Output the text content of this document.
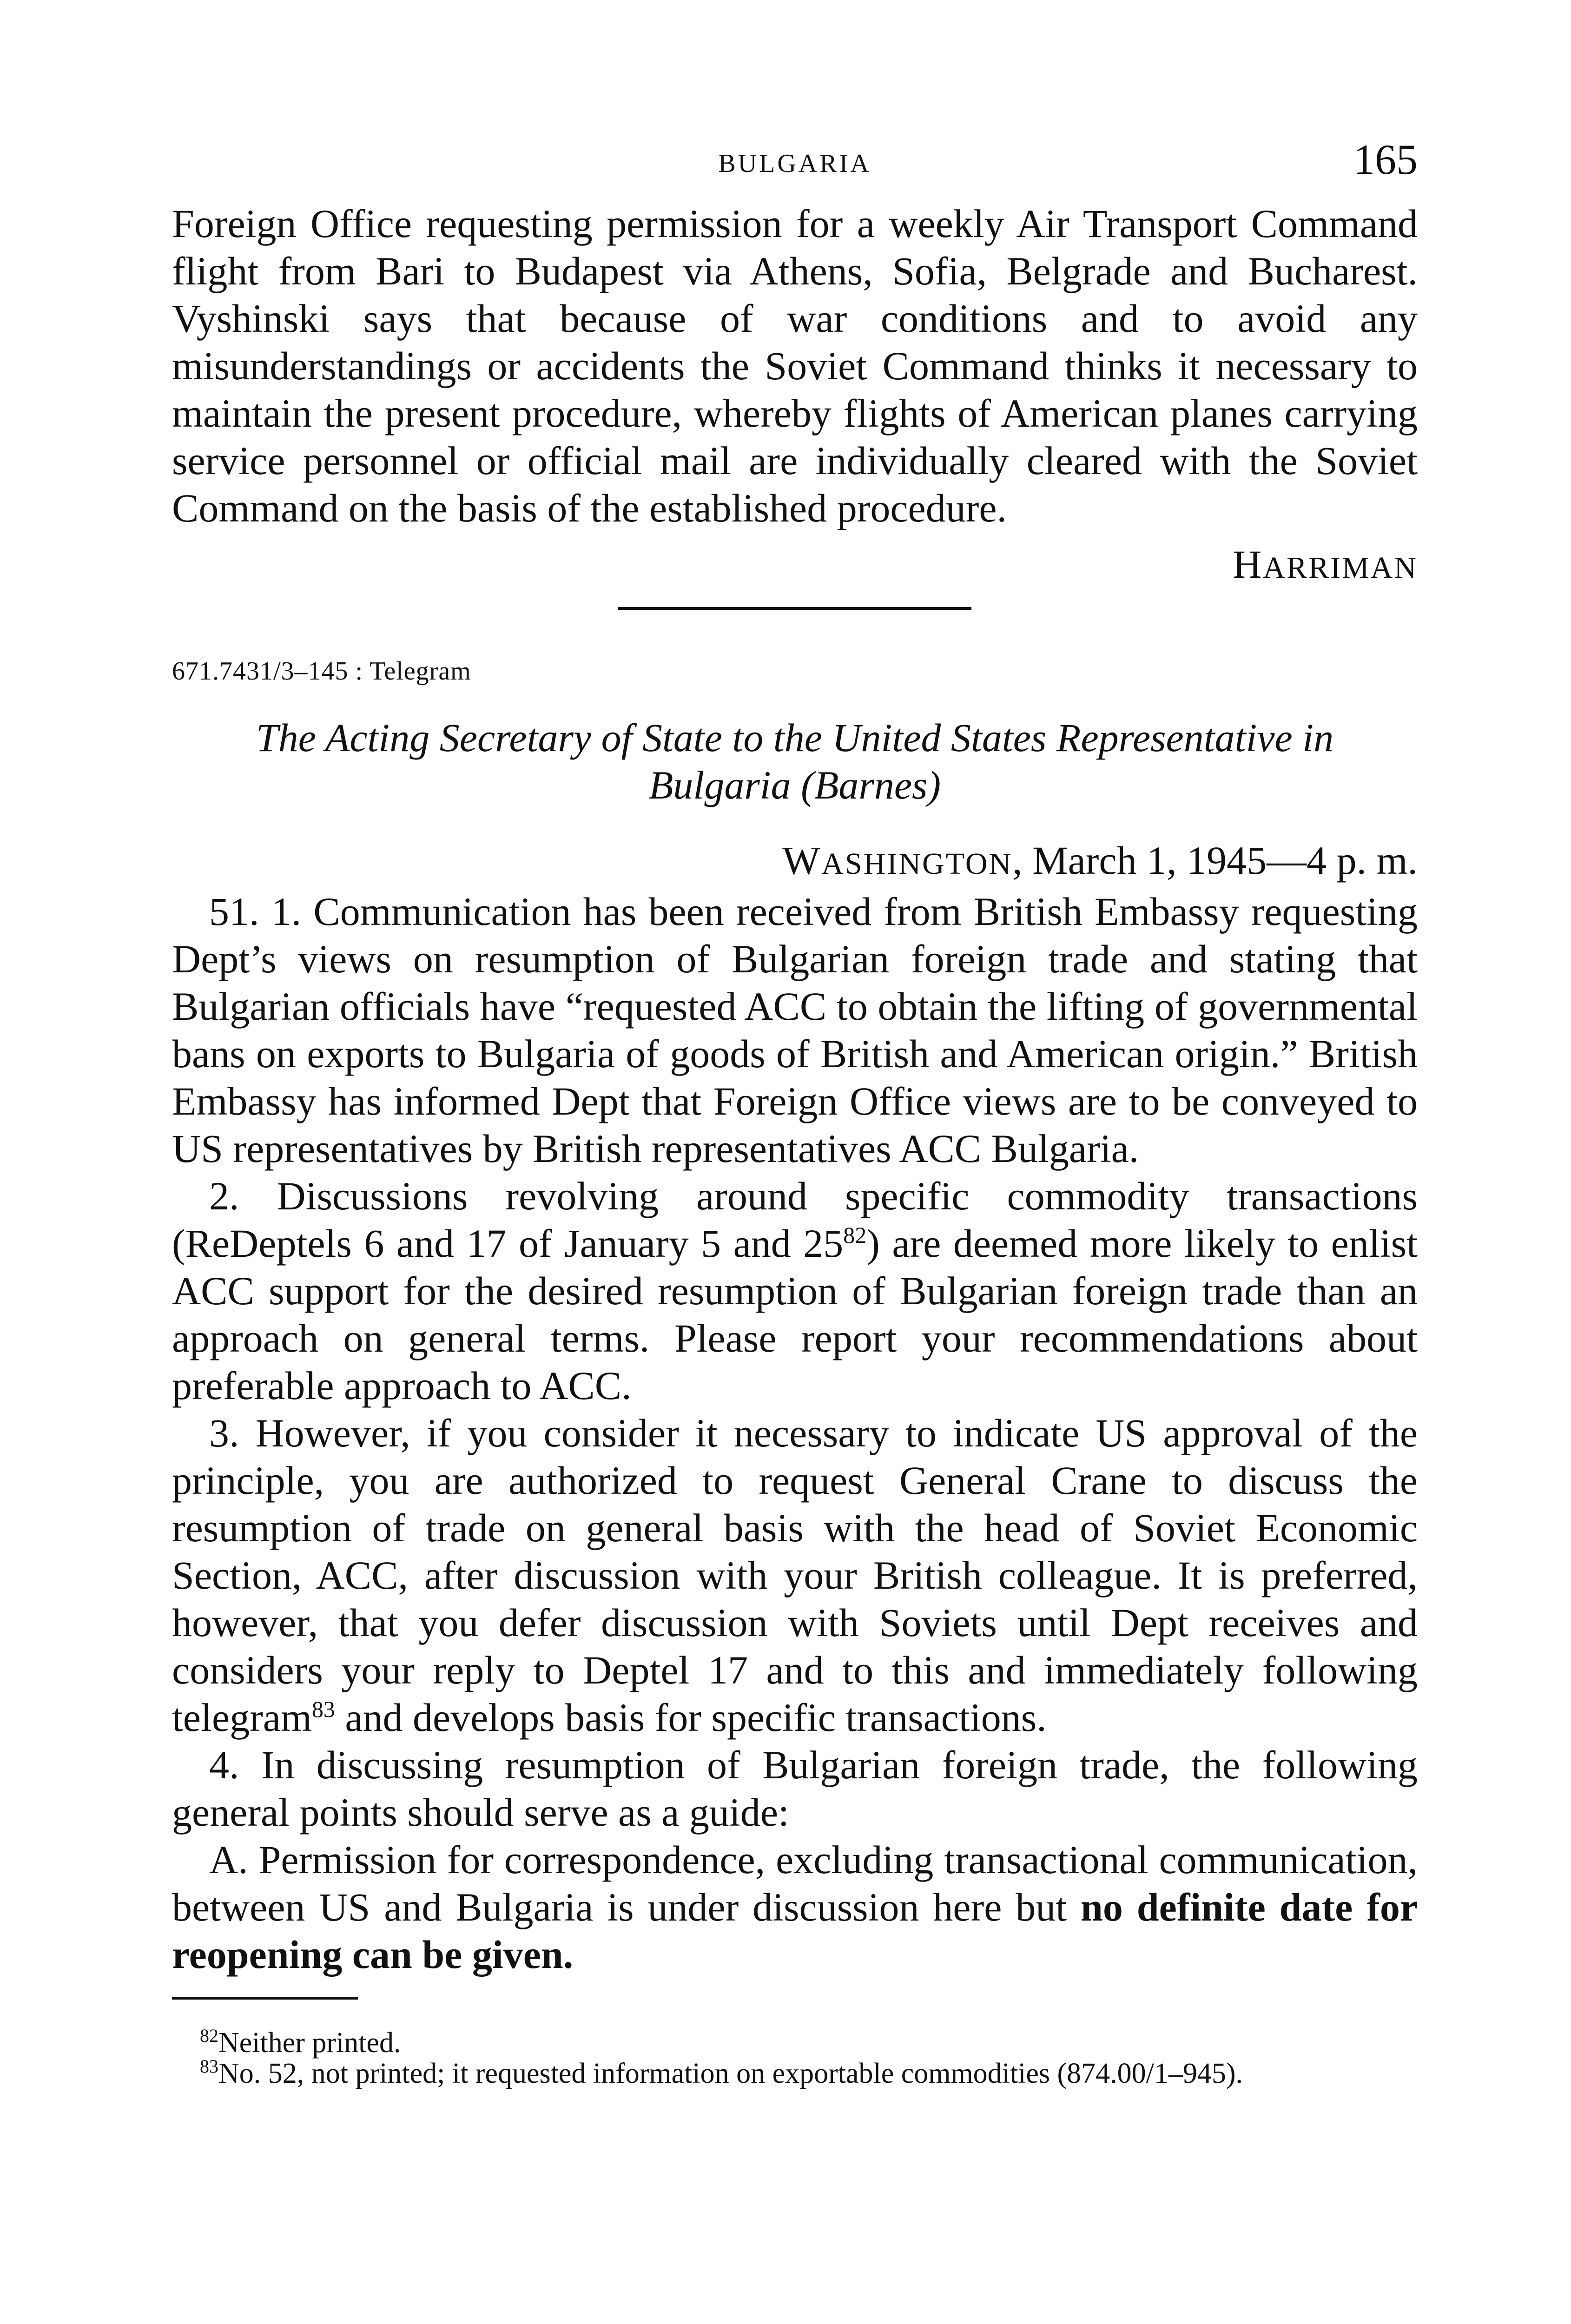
BULGARIA	165

Foreign Office requesting permission for a weekly Air Transport Command flight from Bari to Budapest via Athens, Sofia, Belgrade and Bucharest. Vyshinski says that because of war conditions and to avoid any misunderstandings or accidents the Soviet Command thinks it necessary to maintain the present procedure, whereby flights of American planes carrying service personnel or official mail are individually cleared with the Soviet Command on the basis of the established procedure.

HARRIMAN
671.7431/3–145 : Telegram
The Acting Secretary of State to the United States Representative in
Bulgaria (Barnes)
WASHINGTON, March 1, 1945—4 p. m.

51. 1. Communication has been received from British Embassy requesting Dept’s views on resumption of Bulgarian foreign trade and stating that Bulgarian officials have “requested ACC to obtain the lifting of governmental bans on exports to Bulgaria of goods of British and American origin.” British Embassy has informed Dept that Foreign Office views are to be conveyed to US representatives by British representatives ACC Bulgaria.

2. Discussions revolving around specific commodity transactions (ReDeptels 6 and 17 of January 5 and $25^{82}$) are deemed more likely to enlist ACC support for the desired resumption of Bulgarian foreign trade than an approach on general terms. Please report your recommendations about preferable approach to ACC.

3. However, if you consider it necessary to indicate US approval of the principle, you are authorized to request General Crane to discuss the resumption of trade on general basis with the head of Soviet Economic Section, ACC, after discussion with your British colleague. It is preferred, however, that you defer discussion with Soviets until Dept receives and considers your reply to Deptel 17 and to this and immediately following telegram$^{83}$ and develops basis for specific transactions.

4. In discussing resumption of Bulgarian foreign trade, the following general points should serve as a guide:

A. Permission for correspondence, excluding transactional communication, between US and Bulgaria is under discussion here but no definite date for reopening can be given.

$^{82}$Neither printed.

$^{83}$No. 52, not printed; it requested information on exportable commodities (874.00/1–945).
